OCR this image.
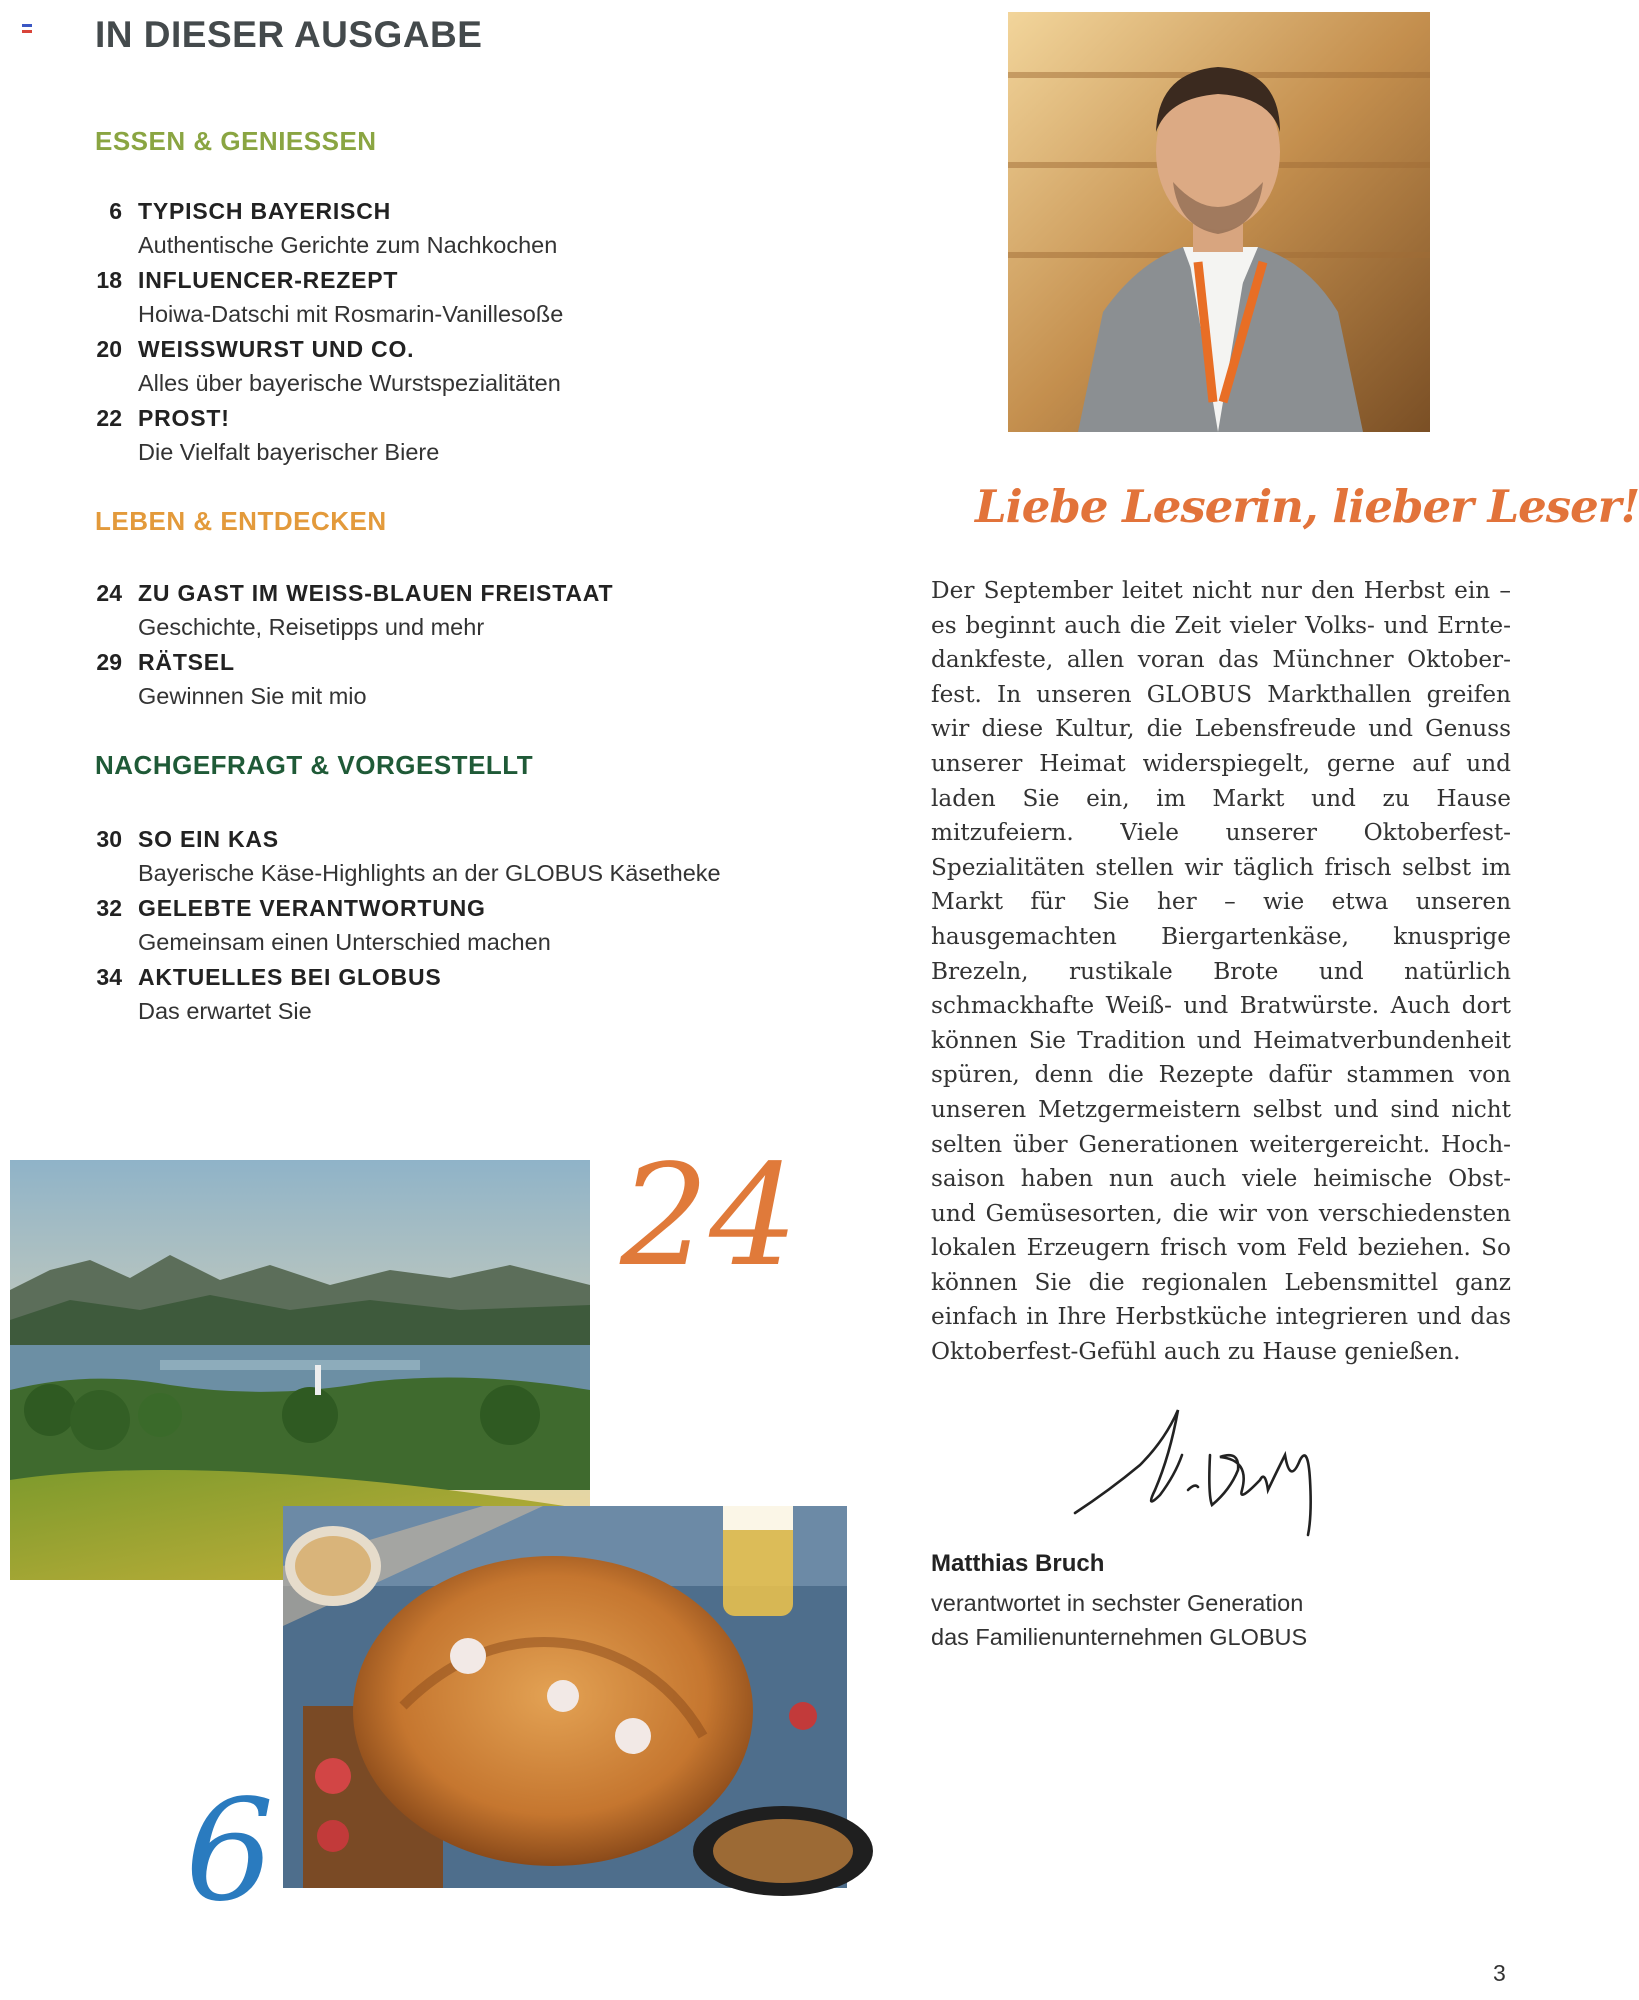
IN DIESER AUSGABE
ESSEN & GENIESSEN
6 TYPISCH BAYERISCH
Authentische Gerichte zum Nachkochen
18 INFLUENCER-REZEPT
Hoiwa-Datschi mit Rosmarin-Vanillesoße
20 WEISSWURST UND CO.
Alles über bayerische Wurstspezialitäten
22 PROST!
Die Vielfalt bayerischer Biere
LEBEN & ENTDECKEN
24 ZU GAST IM WEISS-BLAUEN FREISTAAT
Geschichte, Reisetipps und mehr
29 RÄTSEL
Gewinnen Sie mit mio
NACHGEFRAGT & VORGESTELLT
30 SO EIN KAS
Bayerische Käse-Highlights an der GLOBUS Käsetheke
32 GELEBTE VERANTWORTUNG
Gemeinsam einen Unterschied machen
34 AKTUELLES BEI GLOBUS
Das erwartet Sie
Liebe Leserin, lieber Leser!
Der September leitet nicht nur den Herbst ein – es beginnt auch die Zeit vieler Volks- und Erntedankfeste, allen voran das Münchner Oktoberfest. In unseren GLOBUS Markthallen greifen wir diese Kultur, die Lebensfreude und Genuss unserer Heimat widerspiegelt, gerne auf und laden Sie ein, im Markt und zu Hause mitzufeiern. Viele unserer Oktoberfest-Spezialitäten stellen wir täglich frisch selbst im Markt für Sie her – wie etwa unseren hausgemachten Biergartenkäse, knusprige Brezeln, rustikale Brote und natürlich schmackhafte Weiß- und Bratwürste. Auch dort können Sie Tradition und Heimatverbundenheit spüren, denn die Rezepte dafür stammen von unseren Metzgermeistern selbst und sind nicht selten über Generationen weitergereicht. Hochsaison haben nun auch viele heimische Obst- und Gemüsesorten, die wir von verschiedensten lokalen Erzeugern frisch vom Feld beziehen. So können Sie die regionalen Lebensmittel ganz einfach in Ihre Herbstküche integrieren und das Oktoberfest-Gefühl auch zu Hause genießen.
Matthias Bruch
verantwortet in sechster Generation
das Familienunternehmen GLOBUS
24
6
3
